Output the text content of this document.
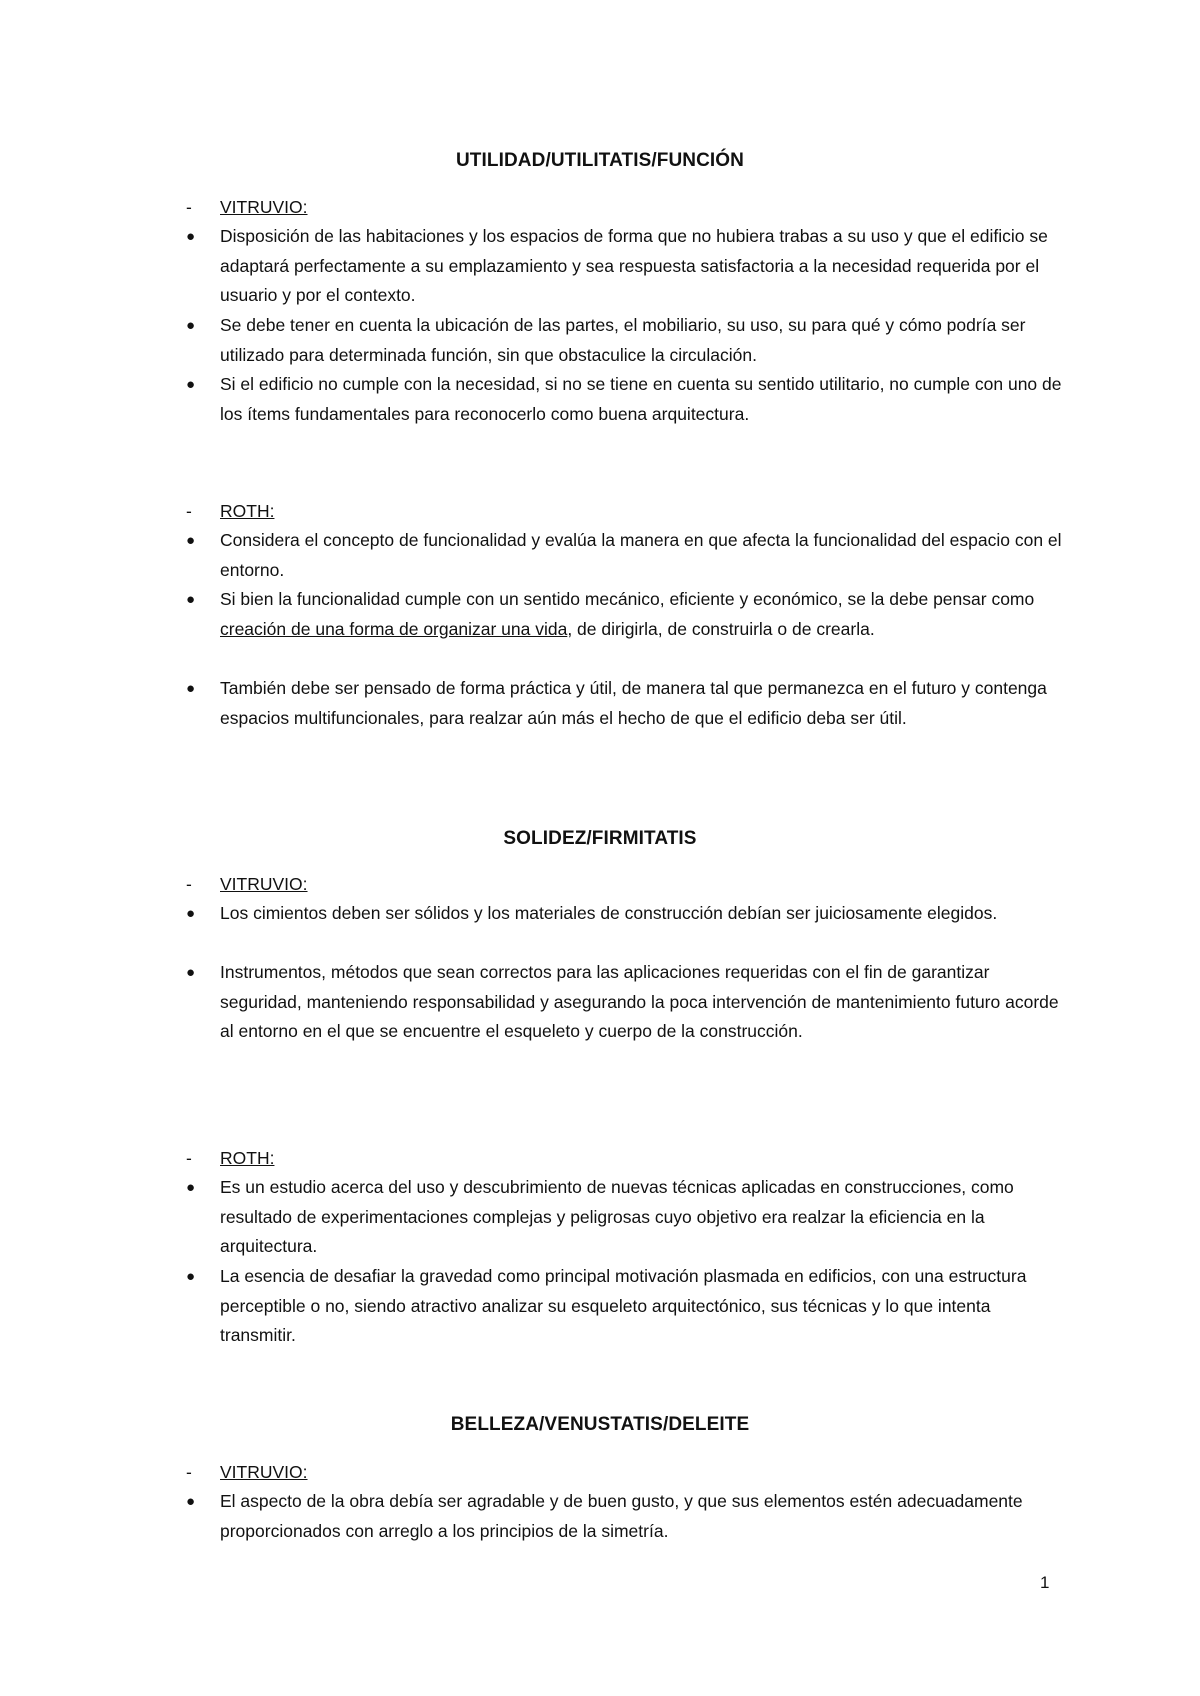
UTILIDAD/UTILITATIS/FUNCIÓN
- VITRUVIO:
●	Disposición de las habitaciones y los espacios de forma que no hubiera trabas a su uso y que el edificio se adaptará perfectamente a su emplazamiento y sea respuesta satisfactoria a la necesidad requerida por el usuario y por el contexto.
●	Se debe tener en cuenta la ubicación de las partes, el mobiliario, su uso, su para qué y cómo podría ser utilizado para determinada función, sin que obstaculice la circulación.
●	Si el edificio no cumple con la necesidad, si no se tiene en cuenta su sentido utilitario, no cumple con uno de los ítems fundamentales para reconocerlo como buena arquitectura.
- ROTH:
●	Considera el concepto de funcionalidad y evalúa la manera en que afecta la funcionalidad del espacio con el entorno.
●	Si bien la funcionalidad cumple con un sentido mecánico, eficiente y económico, se la debe pensar como creación de una forma de organizar una vida, de dirigirla, de construirla o de crearla.
●	También debe ser pensado de forma práctica y útil, de manera tal que permanezca en el futuro y contenga espacios multifuncionales, para realzar aún más el hecho de que el edificio deba ser útil.
SOLIDEZ/FIRMITATIS
- VITRUVIO:
●	Los cimientos deben ser sólidos y los materiales de construcción debían ser juiciosamente elegidos.
●	Instrumentos, métodos que sean correctos para las aplicaciones requeridas con el fin de garantizar seguridad, manteniendo responsabilidad y asegurando la poca intervención de mantenimiento futuro acorde al entorno en el que se encuentre el esqueleto y cuerpo de la construcción.
- ROTH:
●	Es un estudio acerca del uso y descubrimiento de nuevas técnicas aplicadas en construcciones, como resultado de experimentaciones complejas y peligrosas cuyo objetivo era realzar la eficiencia en la arquitectura.
●	La esencia de desafiar la gravedad como principal motivación plasmada en edificios, con una estructura perceptible o no, siendo atractivo analizar su esqueleto arquitectónico, sus técnicas y lo que intenta transmitir.
BELLEZA/VENUSTATIS/DELEITE
- VITRUVIO:
●	El aspecto de la obra debía ser agradable y de buen gusto, y que sus elementos estén adecuadamente proporcionados con arreglo a los principios de la simetría.
1
